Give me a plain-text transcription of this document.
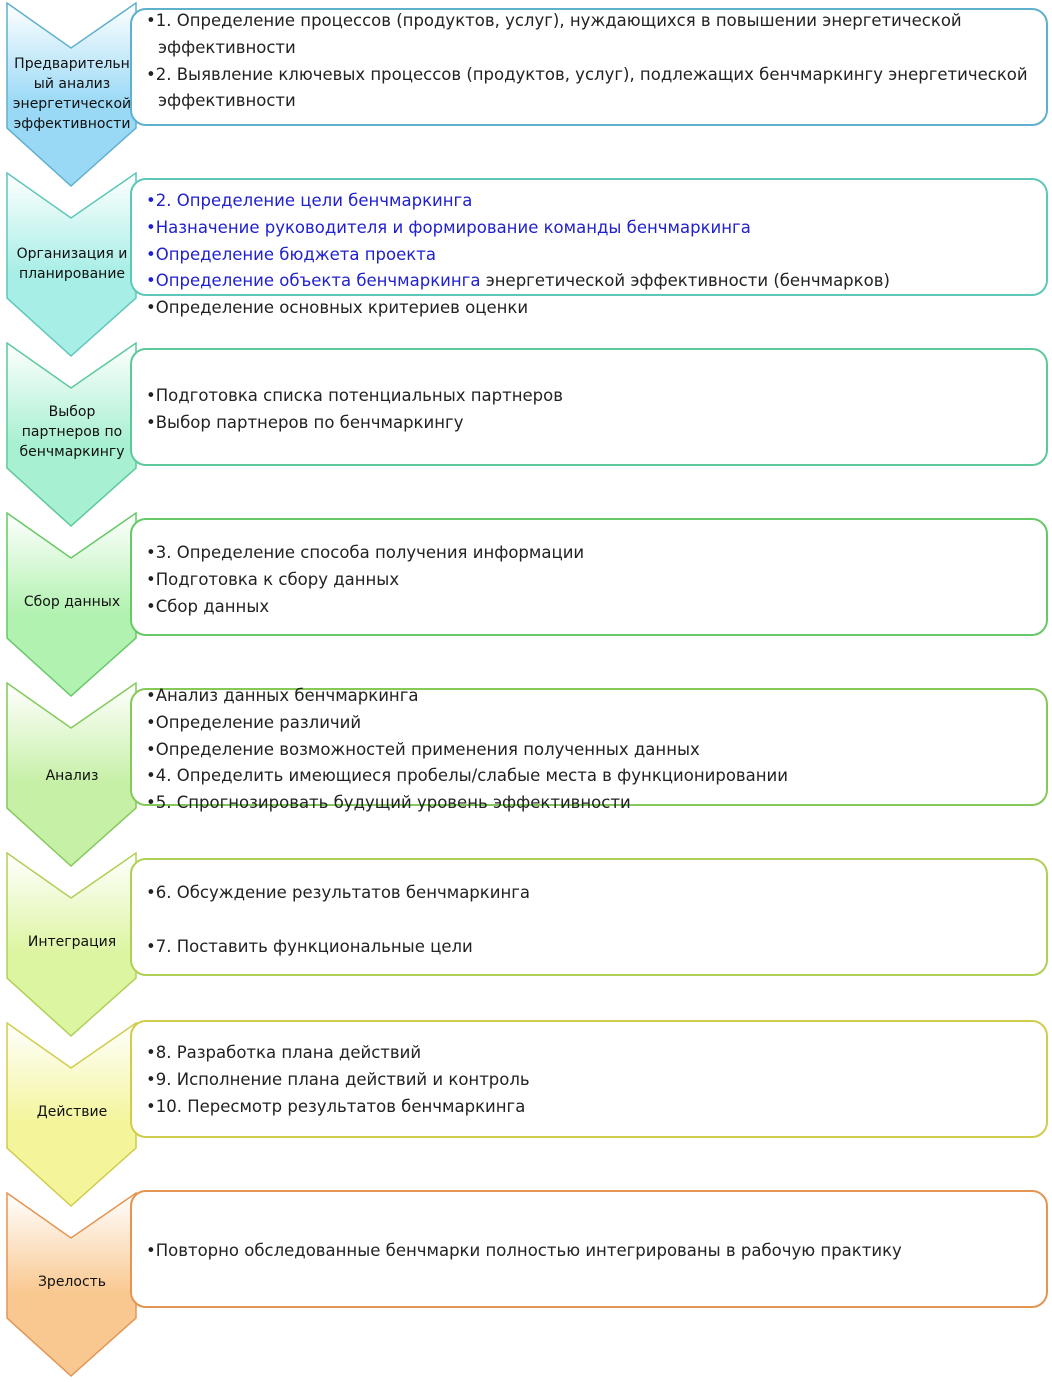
Предварительн
ый анализ
энергетической
эффективности
• 1. Определение процессов (продуктов, услуг), нуждающихся в повышении энергетической
эффективности
• 2. Выявление ключевых процессов (продуктов, услуг), подлежащих бенчмаркингу энергетической
эффективности
Организация и
планирование
• 2. Определение цели бенчмаркинга
• Назначение руководителя и формирование команды бенчмаркинга
• Определение бюджета проекта
• Определение объекта бенчмаркинга энергетической эффективности (бенчмарков)
• Определение основных критериев оценки
Выбор
партнеров по
бенчмаркингу
• Подготовка списка потенциальных партнеров
• Выбор партнеров по бенчмаркингу
Сбор данных
• 3. Определение способа получения информации
• Подготовка к сбору данных
• Сбор данных
Анализ
• Анализ данных бенчмаркинга
• Определение различий
• Определение возможностей применения полученных данных
• 4. Определить имеющиеся пробелы/слабые места в функционировании
• 5. Спрогнозировать будущий уровень эффективности
Интеграция
• 6. Обсуждение результатов бенчмаркинга

• 7. Поставить функциональные цели
Действие
• 8. Разработка плана действий
• 9. Исполнение плана действий и контроль
• 10. Пересмотр результатов бенчмаркинга
Зрелость
• Повторно обследованные бенчмарки полностью интегрированы в рабочую практику
